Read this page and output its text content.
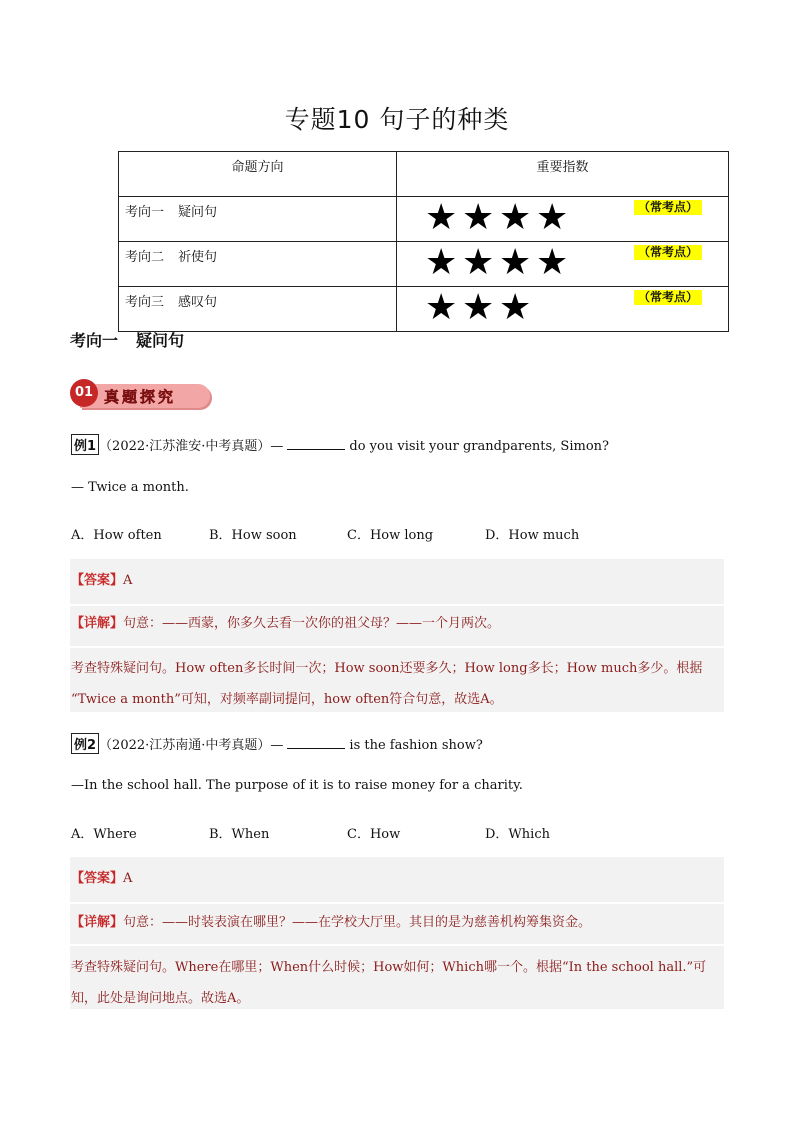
专题10 句子的种类
命题方向	重要指数

考向一 疑问句	★ ★ ★ ★ （常考点）

考向二 祈使句	★ ★ ★ ★ （常考点）

考向三 感叹句	★ ★ ★ （常考点）
考向一 疑问句
01 真题探究
例1 （2022·江苏淮安·中考真题）—	do you visit your grandparents, Simon?
— Twice a month.
A．How often	B．How soon	C．How long	D．How much
【答案】A
【详解】句意：——西蒙，你多久去看一次你的祖父母？——一个月两次。
考查特殊疑问句。How often多长时间一次；How soon还要多久；How long多长；How much多少。根据
“Twice a month”可知，对频率副词提问，how often符合句意，故选A。
例2 （2022·江苏南通·中考真题）—	is the fashion show?
—In the school hall. The purpose of it is to raise money for a charity.
A．Where	B．When	C．How	D．Which
【答案】A
【详解】句意：——时装表演在哪里？——在学校大厅里。其目的是为慈善机构筹集资金。
考查特殊疑问句。Where在哪里；When什么时候；How如何；Which哪一个。根据“In the school hall.”可
知，此处是询问地点。故选A。
